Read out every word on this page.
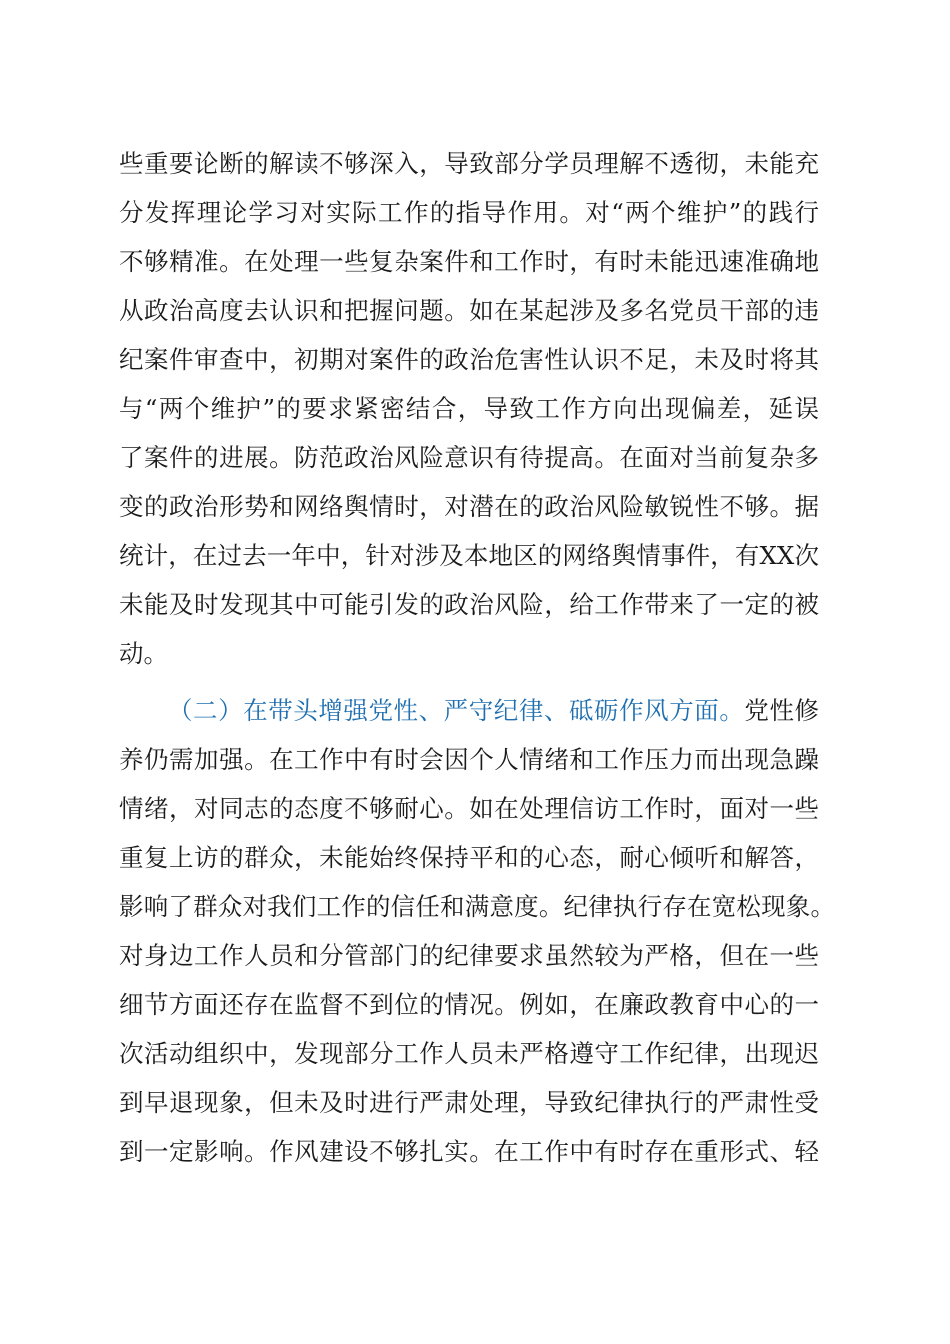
些重要论断的解读不够深入，导致部分学员理解不透彻，未能充
分发挥理论学习对实际工作的指导作用。对“两个维护”的践行
不够精准。在处理一些复杂案件和工作时，有时未能迅速准确地
从政治高度去认识和把握问题。如在某起涉及多名党员干部的违
纪案件审查中，初期对案件的政治危害性认识不足，未及时将其
与“两个维护”的要求紧密结合，导致工作方向出现偏差，延误
了案件的进展。防范政治风险意识有待提高。在面对当前复杂多
变的政治形势和网络舆情时，对潜在的政治风险敏锐性不够。据
统计，在过去一年中，针对涉及本地区的网络舆情事件，有XX次
未能及时发现其中可能引发的政治风险，给工作带来了一定的被
动。
（二）在带头增强党性、严守纪律、砥砺作风方面。党性修
养仍需加强。在工作中有时会因个人情绪和工作压力而出现急躁
情绪，对同志的态度不够耐心。如在处理信访工作时，面对一些
重复上访的群众，未能始终保持平和的心态，耐心倾听和解答，
影响了群众对我们工作的信任和满意度。纪律执行存在宽松现象。
对身边工作人员和分管部门的纪律要求虽然较为严格，但在一些
细节方面还存在监督不到位的情况。例如，在廉政教育中心的一
次活动组织中，发现部分工作人员未严格遵守工作纪律，出现迟
到早退现象，但未及时进行严肃处理，导致纪律执行的严肃性受
到一定影响。作风建设不够扎实。在工作中有时存在重形式、轻
